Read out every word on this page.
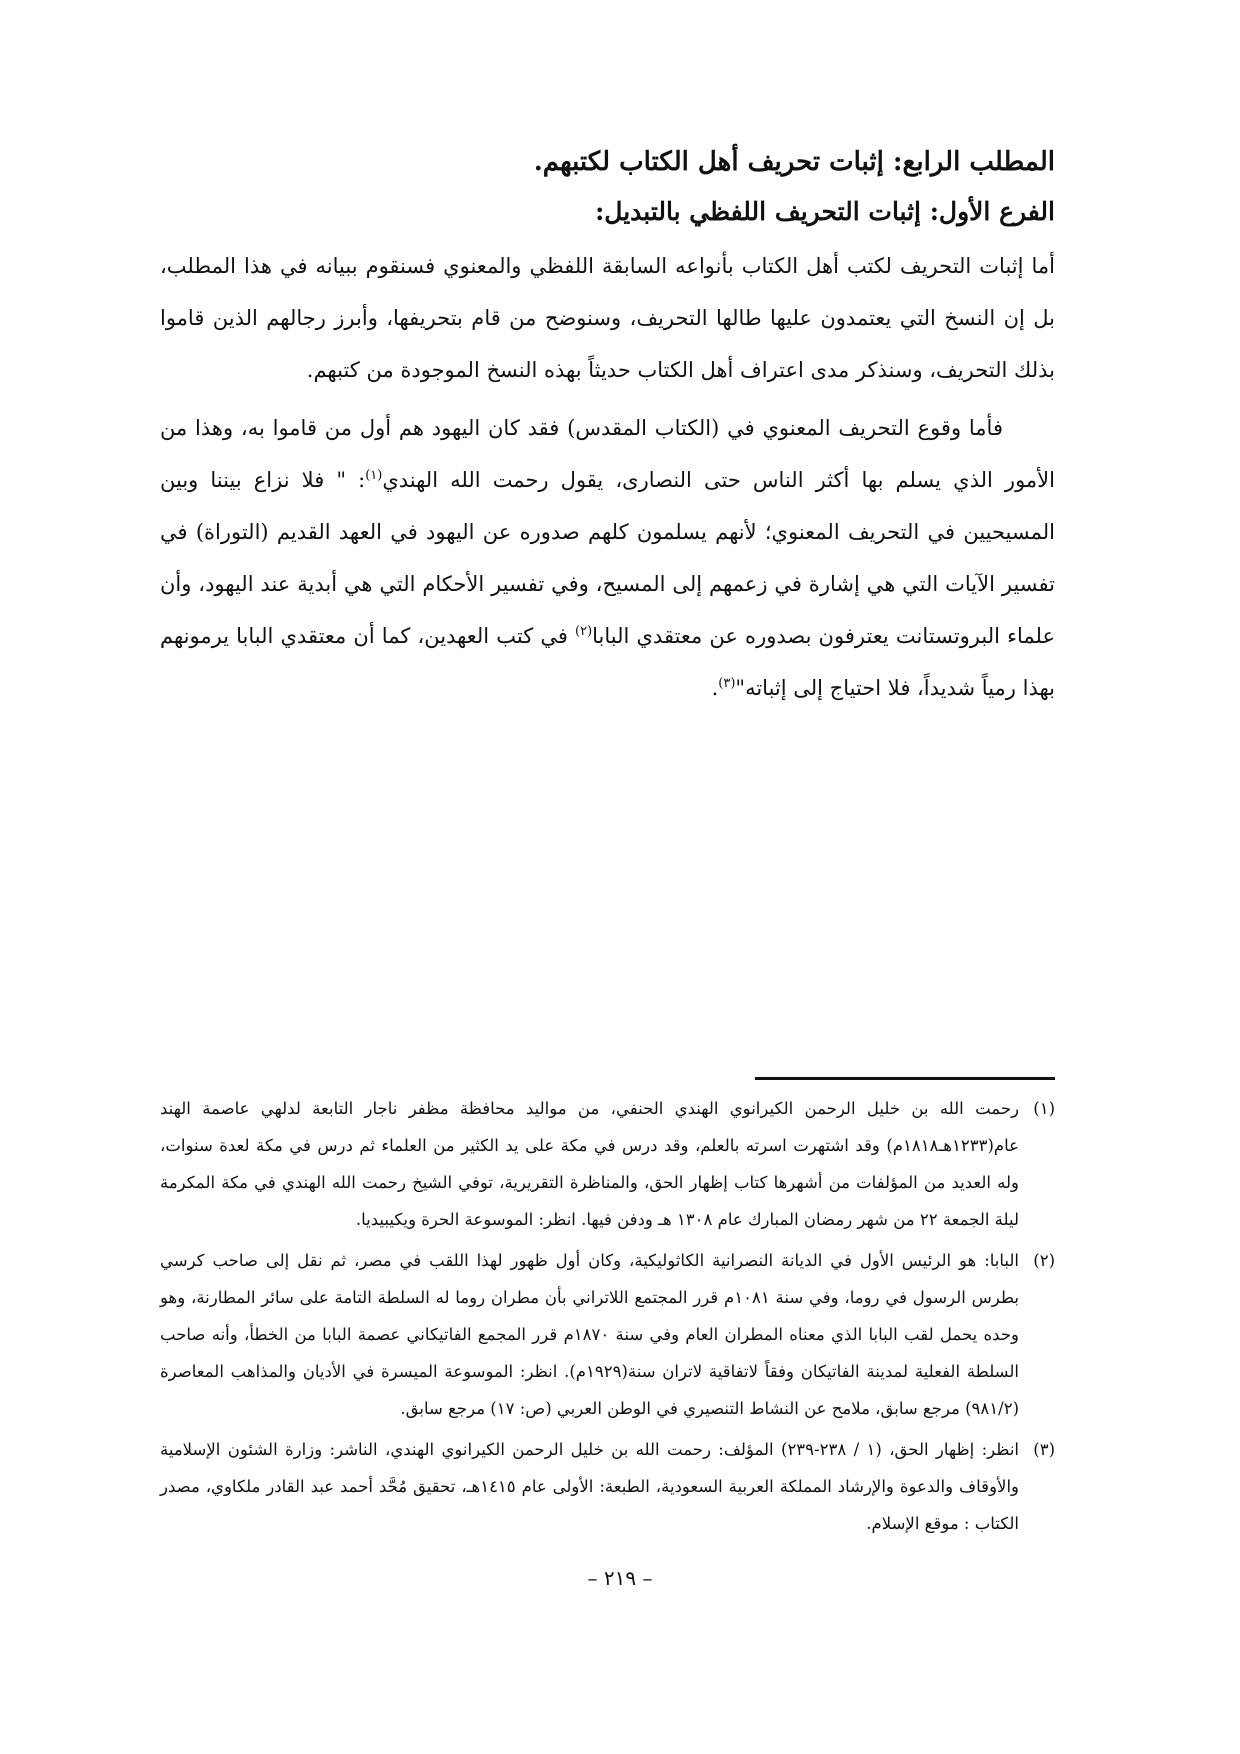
المطلب الرابع: إثبات تحريف أهل الكتاب لكتبهم.
الفرع الأول: إثبات التحريف اللفظي بالتبديل:

أما إثبات التحريف لكتب أهل الكتاب بأنواعه السابقة اللفظي والمعنوي فسنقوم ببيانه في هذا المطلب، بل إن النسخ التي يعتمدون عليها طالها التحريف، وسنوضح من قام بتحريفها، وأبرز رجالهم الذين قاموا بذلك التحريف، وسنذكر مدى اعتراف أهل الكتاب حديثاً بهذه النسخ الموجودة من كتبهم.

فأما وقوع التحريف المعنوي في (الكتاب المقدس) فقد كان اليهود هم أول من قاموا به، وهذا من الأمور الذي يسلم بها أكثر الناس حتى النصارى، يقول رحمت الله الهندي$^{(١)}$: " فلا نزاع بيننا وبين المسيحيين في التحريف المعنوي؛ لأنهم يسلمون كلهم صدوره عن اليهود في العهد القديم (التوراة) في تفسير الآيات التي هي إشارة في زعمهم إلى المسيح، وفي تفسير الأحكام التي هي أبدية عند اليهود، وأن علماء البروتستانت يعترفون بصدوره عن معتقدي البابا$^{(٢)}$ في كتب العهدين، كما أن معتقدي البابا يرمونهم بهذا رمياً شديداً، فلا احتياج إلى إثباته"$^{(٣)}$.

(١)
رحمت الله بن خليل الرحمن الكيرانوي الهندي الحنفي، من مواليد محافظة مظفر ناجار التابعة لدلهي عاصمة الهند عام(١٢٣٣هـ١٨١٨م) وقد اشتهرت اسرته بالعلم، وقد درس في مكة على يد الكثير من العلماء ثم درس في مكة لعدة سنوات، وله العديد من المؤلفات من أشهرها كتاب إظهار الحق، والمناظرة التقريرية، توفي الشيخ رحمت الله الهندي في مكة المكرمة ليلة الجمعة ٢٢ من شهر رمضان المبارك عام ١٣٠٨ هـ ودفن فيها. انظر: الموسوعة الحرة ويكيبيديا.
(٢)
البابا: هو الرئيس الأول في الديانة النصرانية الكاثوليكية، وكان أول ظهور لهذا اللقب في مصر، ثم نقل إلى صاحب كرسي بطرس الرسول في روما، وفي سنة ١٠٨١م قرر المجتمع اللاتراني بأن مطران روما له السلطة التامة على سائر المطارنة، وهو وحده يحمل لقب البابا الذي معناه المطران العام وفي سنة ١٨٧٠م قرر المجمع الفاتيكاني عصمة البابا من الخطأ، وأنه صاحب السلطة الفعلية لمدينة الفاتيكان وفقاً لاتفاقية لاتران سنة(١٩٢٩م). انظر: الموسوعة الميسرة في الأديان والمذاهب المعاصرة (٩٨١/٢) مرجع سابق، ملامح عن النشاط التنصيري في الوطن العربي (ص: ١٧) مرجع سابق.
(٣)
انظر: إظهار الحق، (١ / ٢٣٨-٢٣٩) المؤلف: رحمت الله بن خليل الرحمن الكيرانوي الهندي، الناشر: وزارة الشئون الإسلامية والأوقاف والدعوة والإرشاد المملكة العربية السعودية، الطبعة: الأولى عام ١٤١٥هـ، تحقيق مُحَّد أحمد عبد القادر ملكاوي، مصدر الكتاب : موقع الإسلام.
– ٢١٩ –
